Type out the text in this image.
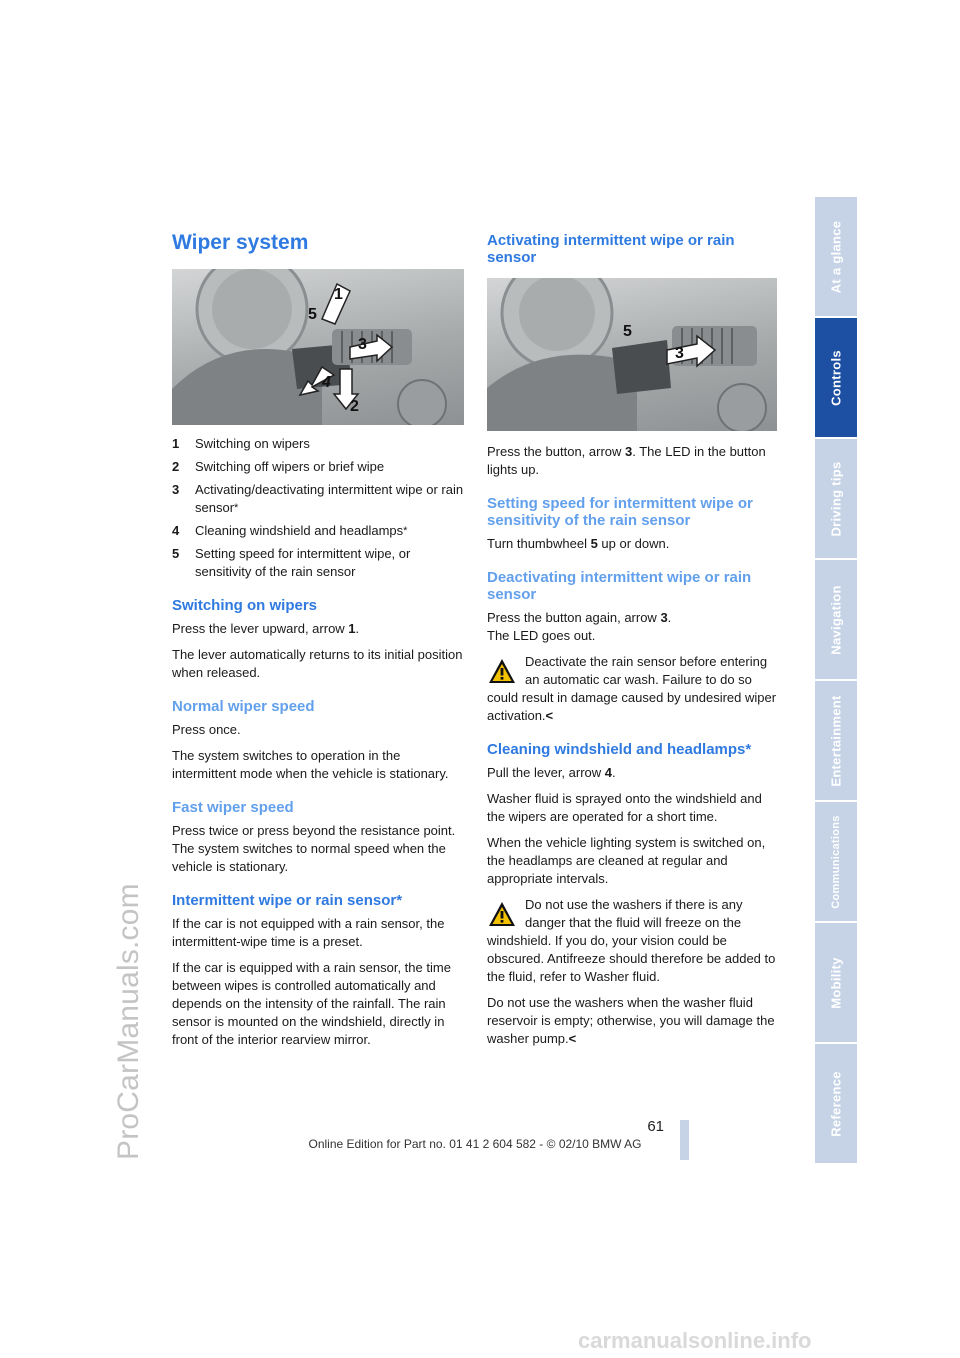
ProCarManuals.com
At a glance
Controls
Driving tips
Navigation
Entertainment
Communications
Mobility
Reference
Wiper system
1
2
3
4
5
1 Switching on wipers
2 Switching off wipers or brief wipe
3 Activating/deactivating intermittent wipe or rain sensor*
4 Cleaning windshield and headlamps*
5 Setting speed for intermittent wipe, or sensitivity of the rain sensor
Switching on wipers

Press the lever upward, arrow 1.

The lever automatically returns to its initial position when released.

Normal wiper speed

Press once.

The system switches to operation in the intermittent mode when the vehicle is stationary.

Fast wiper speed

Press twice or press beyond the resistance point.

The system switches to normal speed when the vehicle is stationary.

Intermittent wipe or rain sensor*

If the car is not equipped with a rain sensor, the intermittent-wipe time is a preset.

If the car is equipped with a rain sensor, the time between wipes is controlled automatically and depends on the intensity of the rainfall. The rain sensor is mounted on the windshield, directly in front of the interior rearview mirror.

Activating intermittent wipe or rain sensor
5
3

Press the button, arrow 3. The LED in the button lights up.

Setting speed for intermittent wipe or sensitivity of the rain sensor

Turn thumbwheel 5 up or down.

Deactivating intermittent wipe or rain sensor

Press the button again, arrow 3.

The LED goes out.

Deactivate the rain sensor before entering an automatic car wash. Failure to do so could result in damage caused by undesired wiper activation.<

Cleaning windshield and headlamps*

Pull the lever, arrow 4.

Washer fluid is sprayed onto the windshield and the wipers are operated for a short time.

When the vehicle lighting system is switched on, the headlamps are cleaned at regular and appropriate intervals.

Do not use the washers if there is any danger that the fluid will freeze on the windshield. If you do, your vision could be obscured. Antifreeze should therefore be added to the fluid, refer to Washer fluid.

Do not use the washers when the washer fluid reservoir is empty; otherwise, you will damage the washer pump.<

61
Online Edition for Part no. 01 41 2 604 582 - © 02/10 BMW AG
carmanualsonline.info
